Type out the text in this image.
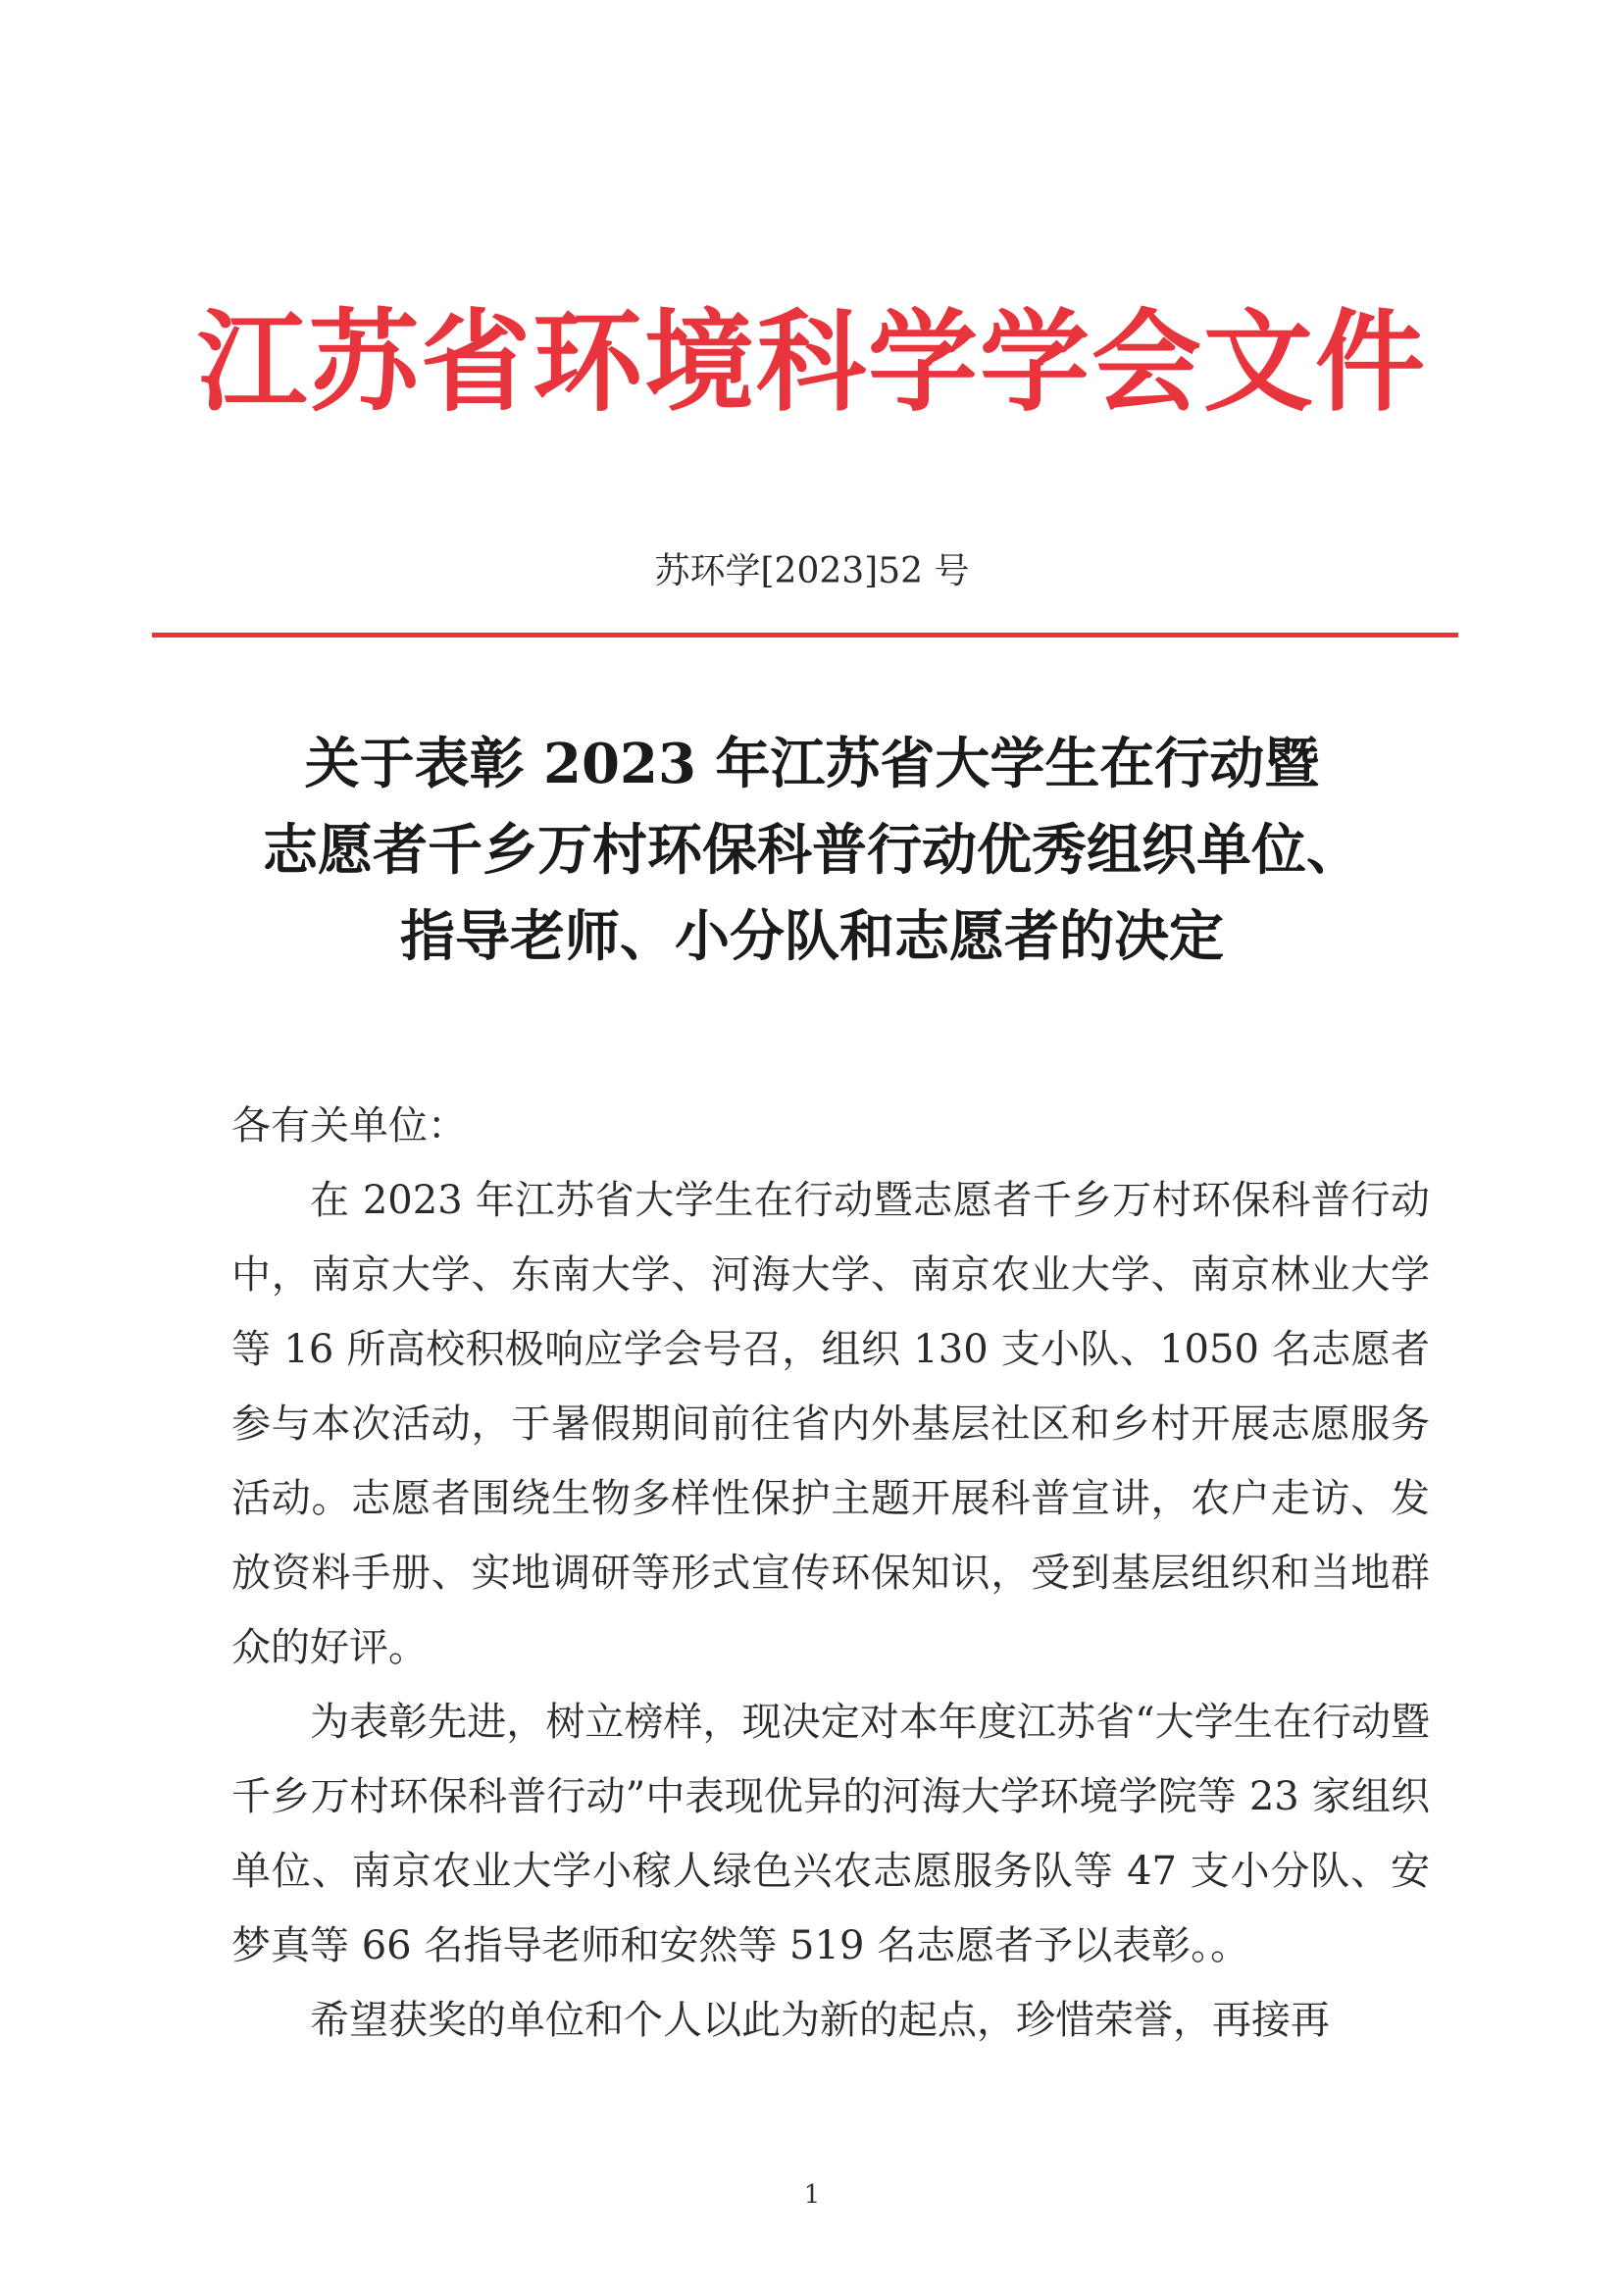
江苏省环境科学学会文件
苏环学[2023]52 号
关于表彰 2023 年江苏省大学生在行动暨
志愿者千乡万村环保科普行动优秀组织单位、
指导老师、小分队和志愿者的决定

各有关单位：

在 2023 年江苏省大学生在行动暨志愿者千乡万村环保科普行动中，南京大学、东南大学、河海大学、南京农业大学、南京林业大学等 16 所高校积极响应学会号召，组织 130 支小队、1050 名志愿者参与本次活动，于暑假期间前往省内外基层社区和乡村开展志愿服务活动。志愿者围绕生物多样性保护主题开展科普宣讲，农户走访、发放资料手册、实地调研等形式宣传环保知识，受到基层组织和当地群众的好评。

为表彰先进，树立榜样，现决定对本年度江苏省“大学生在行动暨千乡万村环保科普行动”中表现优异的河海大学环境学院等 23 家组织单位、南京农业大学小稼人绿色兴农志愿服务队等 47 支小分队、安梦真等 66 名指导老师和安然等 519 名志愿者予以表彰。。

希望获奖的单位和个人以此为新的起点，珍惜荣誉，再接再

1
